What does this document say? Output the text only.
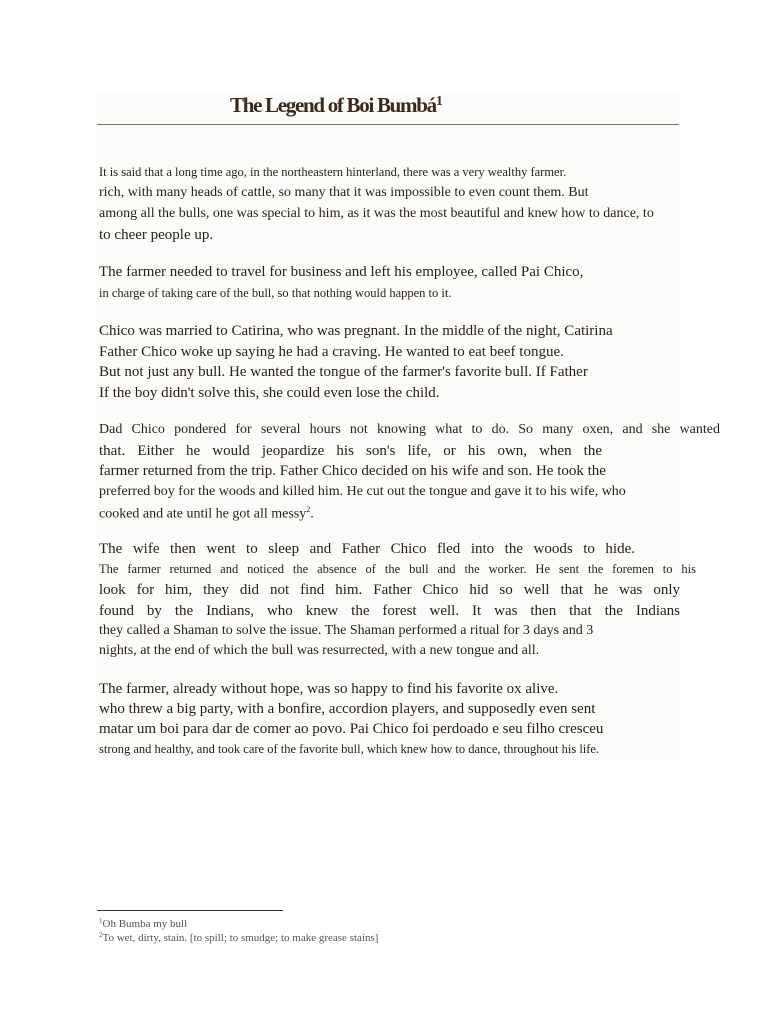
The Legend of Boi Bumbá$^1$

It is said that a long time ago, in the northeastern hinterland, there was a very wealthy farmer.

rich, with many heads of cattle, so many that it was impossible to even count them. But

among all the bulls, one was special to him, as it was the most beautiful and knew how to dance, to

to cheer people up.

The farmer needed to travel for business and left his employee, called Pai Chico,

in charge of taking care of the bull, so that nothing would happen to it.

Chico was married to Catirina, who was pregnant. In the middle of the night, Catirina

Father Chico woke up saying he had a craving. He wanted to eat beef tongue.

But not just any bull. He wanted the tongue of the farmer's favorite bull. If Father

If the boy didn't solve this, she could even lose the child.

Dad Chico pondered for several hours not knowing what to do. So many oxen, and she wanted

that. Either he would jeopardize his son's life, or his own, when the

farmer returned from the trip. Father Chico decided on his wife and son. He took the

preferred boy for the woods and killed him. He cut out the tongue and gave it to his wife, who

cooked and ate until he got all messy$^2$.

The wife then went to sleep and Father Chico fled into the woods to hide.

The farmer returned and noticed the absence of the bull and the worker. He sent the foremen to his

look for him, they did not find him. Father Chico hid so well that he was only

found by the Indians, who knew the forest well. It was then that the Indians

they called a Shaman to solve the issue. The Shaman performed a ritual for 3 days and 3

nights, at the end of which the bull was resurrected, with a new tongue and all.

The farmer, already without hope, was so happy to find his favorite ox alive.

who threw a big party, with a bonfire, accordion players, and supposedly even sent

matar um boi para dar de comer ao povo. Pai Chico foi perdoado e seu filho cresceu

strong and healthy, and took care of the favorite bull, which knew how to dance, throughout his life.

$^1$Oh Bumba my bull

$^2$To wet, dirty, stain. [to spill; to smudge; to make grease stains]
